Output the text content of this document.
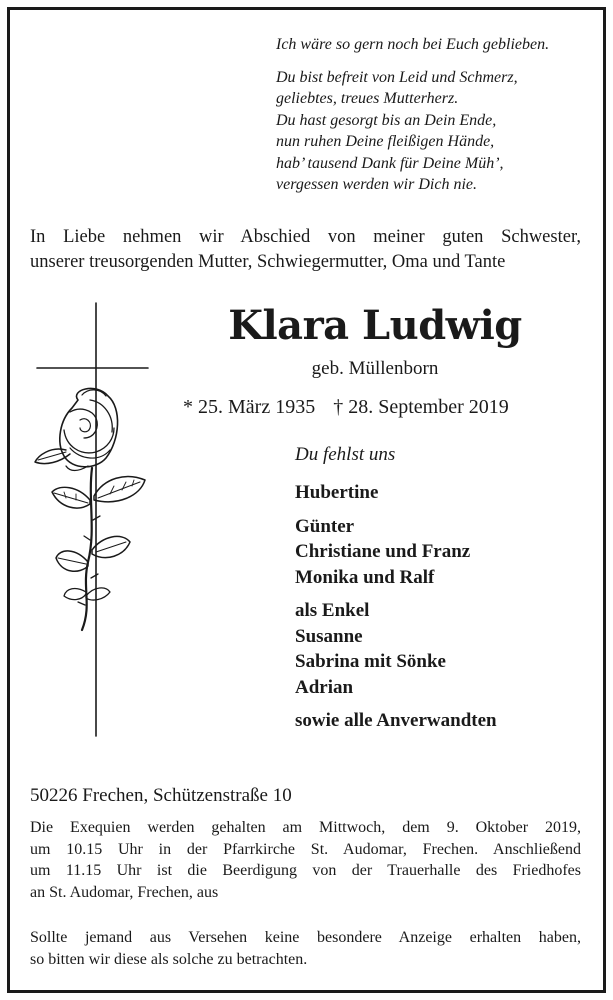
Ich wäre so gern noch bei Euch geblieben.
Du bist befreit von Leid und Schmerz,
geliebtes, treues Mutterherz.
Du hast gesorgt bis an Dein Ende,
nun ruhen Deine fleißigen Hände,
hab’ tausend Dank für Deine Müh’,
vergessen werden wir Dich nie.
In Liebe nehmen wir Abschied von meiner guten Schwester,
unserer treusorgenden Mutter, Schwiegermutter, Oma und Tante
Klara Ludwig
geb. Müllenborn
* 25. März 1935 † 28. September 2019
Du fehlst uns
Hubertine
Günter
Christiane und Franz
Monika und Ralf
als Enkel
Susanne
Sabrina mit Sönke
Adrian
sowie alle Anverwandten
50226 Frechen, Schützenstraße 10
Die Exequien werden gehalten am Mittwoch, dem 9. Oktober 2019,
um 10.15 Uhr in der Pfarrkirche St. Audomar, Frechen. Anschließend
um 11.15 Uhr ist die Beerdigung von der Trauerhalle des Friedhofes
an St. Audomar, Frechen, aus
Sollte jemand aus Versehen keine besondere Anzeige erhalten haben,
so bitten wir diese als solche zu betrachten.
